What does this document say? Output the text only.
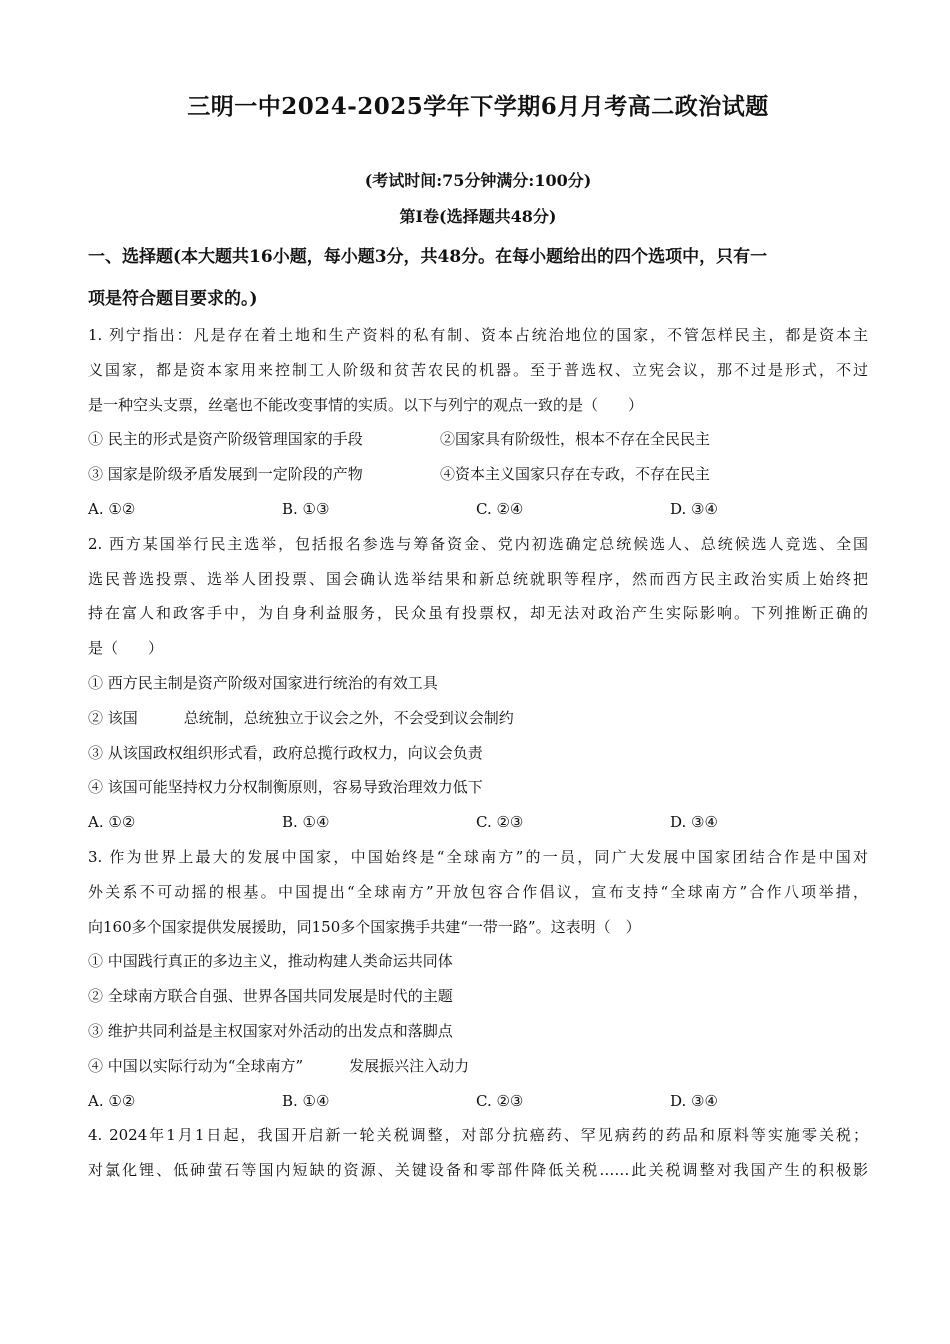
三明一中2024-2025学年下学期6月月考高二政治试题
(考试时间:75分钟满分:100分)
第Ⅰ卷(选择题共48分)
一、选择题(本大题共16小题，每小题3分，共48分。在每小题给出的四个选项中，只有一
项是符合题目要求的。)
1. 列宁指出：凡是存在着土地和生产资料的私有制、资本占统治地位的国家，不管怎样民主，都是资本主
义国家，都是资本家用来控制工人阶级和贫苦农民的机器。至于普选权、立宪会议，那不过是形式，不过
是一种空头支票，丝毫也不能改变事情的实质。以下与列宁的观点一致的是（　　）
① 民主的形式是资产阶级管理国家的手段	②国家具有阶级性，根本不存在全民民主
③ 国家是阶级矛盾发展到一定阶段的产物	④资本主义国家只存在专政，不存在民主
A. ①②	B. ①③	C. ②④	D. ③④
2. 西方某国举行民主选举，包括报名参选与筹备资金、党内初选确定总统候选人、总统候选人竞选、全国
选民普选投票、选举人团投票、国会确认选举结果和新总统就职等程序，然而西方民主政治实质上始终把
持在富人和政客手中，为自身利益服务，民众虽有投票权，却无法对政治产生实际影响。下列推断正确的
是（　　）
① 西方民主制是资产阶级对国家进行统治的有效工具
② 该国	总统制，总统独立于议会之外，不会受到议会制约
③ 从该国政权组织形式看，政府总揽行政权力，向议会负责
④ 该国可能坚持权力分权制衡原则，容易导致治理效力低下
A. ①②	B. ①④	C. ②③	D. ③④
3. 作为世界上最大的发展中国家，中国始终是“全球南方”的一员，同广大发展中国家团结合作是中国对
外关系不可动摇的根基。中国提出“全球南方”开放包容合作倡议，宣布支持“全球南方”合作八项举措，
向160多个国家提供发展援助，同150多个国家携手共建“一带一路”。这表明（　）
① 中国践行真正的多边主义，推动构建人类命运共同体
② 全球南方联合自强、世界各国共同发展是时代的主题
③ 维护共同利益是主权国家对外活动的出发点和落脚点
④ 中国以实际行动为“全球南方”	发展振兴注入动力
A. ①②	B. ①④	C. ②③	D. ③④
4. 2024年1月1日起，我国开启新一轮关税调整，对部分抗癌药、罕见病药的药品和原料等实施零关税；
对氯化锂、低砷萤石等国内短缺的资源、关键设备和零部件降低关税……此关税调整对我国产生的积极影
